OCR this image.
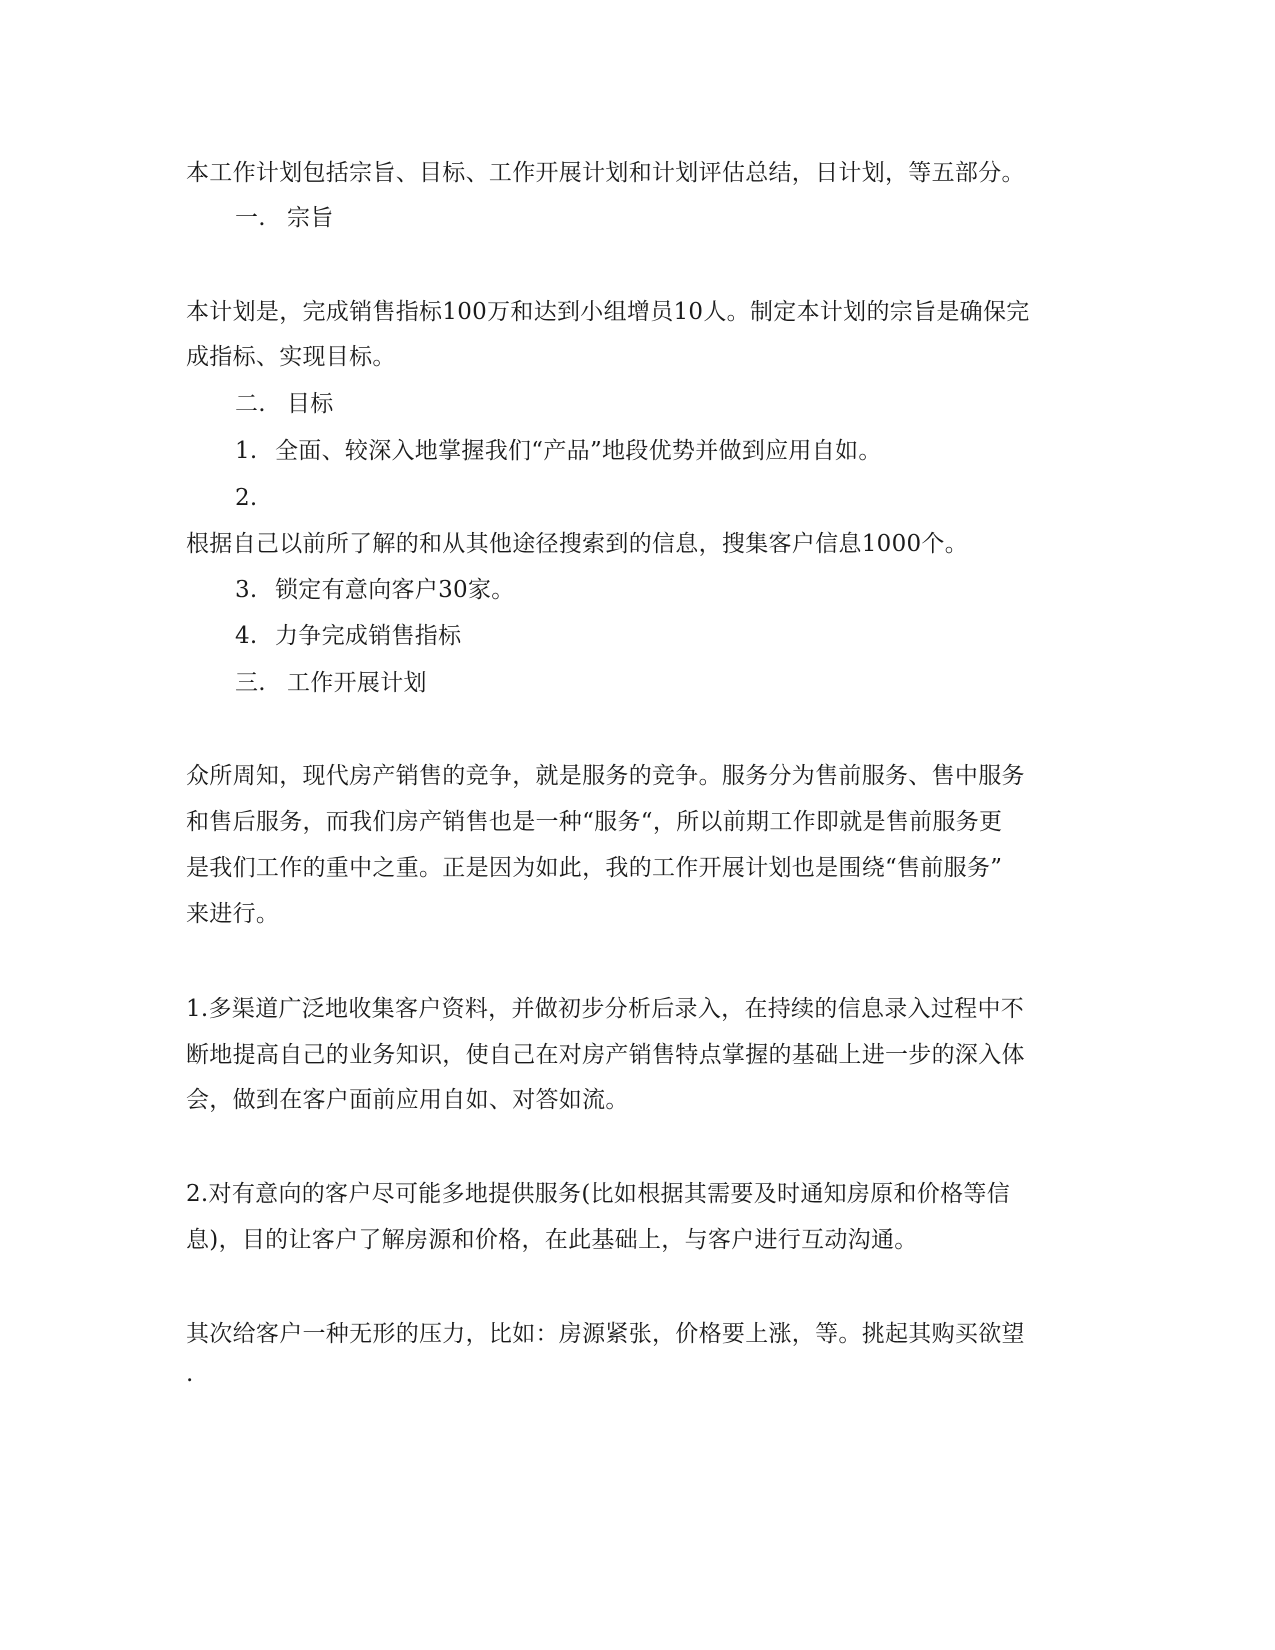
本工作计划包括宗旨、目标、工作开展计划和计划评估总结，日计划，等五部分。
一. 宗旨
本计划是，完成销售指标100万和达到小组增员10人。制定本计划的宗旨是确保完
成指标、实现目标。
二. 目标
1. 全面、较深入地掌握我们“产品”地段优势并做到应用自如。
2.
根据自己以前所了解的和从其他途径搜索到的信息，搜集客户信息1000个。
3. 锁定有意向客户30家。
4. 力争完成销售指标
三. 工作开展计划
众所周知，现代房产销售的竞争，就是服务的竞争。服务分为售前服务、售中服务
和售后服务，而我们房产销售也是一种“服务“，所以前期工作即就是售前服务更
是我们工作的重中之重。正是因为如此，我的工作开展计划也是围绕“售前服务”
来进行。
1.多渠道广泛地收集客户资料，并做初步分析后录入，在持续的信息录入过程中不
断地提高自己的业务知识，使自己在对房产销售特点掌握的基础上进一步的深入体
会，做到在客户面前应用自如、对答如流。
2.对有意向的客户尽可能多地提供服务(比如根据其需要及时通知房原和价格等信
息)，目的让客户了解房源和价格，在此基础上，与客户进行互动沟通。
其次给客户一种无形的压力，比如：房源紧张，价格要上涨，等。挑起其购买欲望
.
